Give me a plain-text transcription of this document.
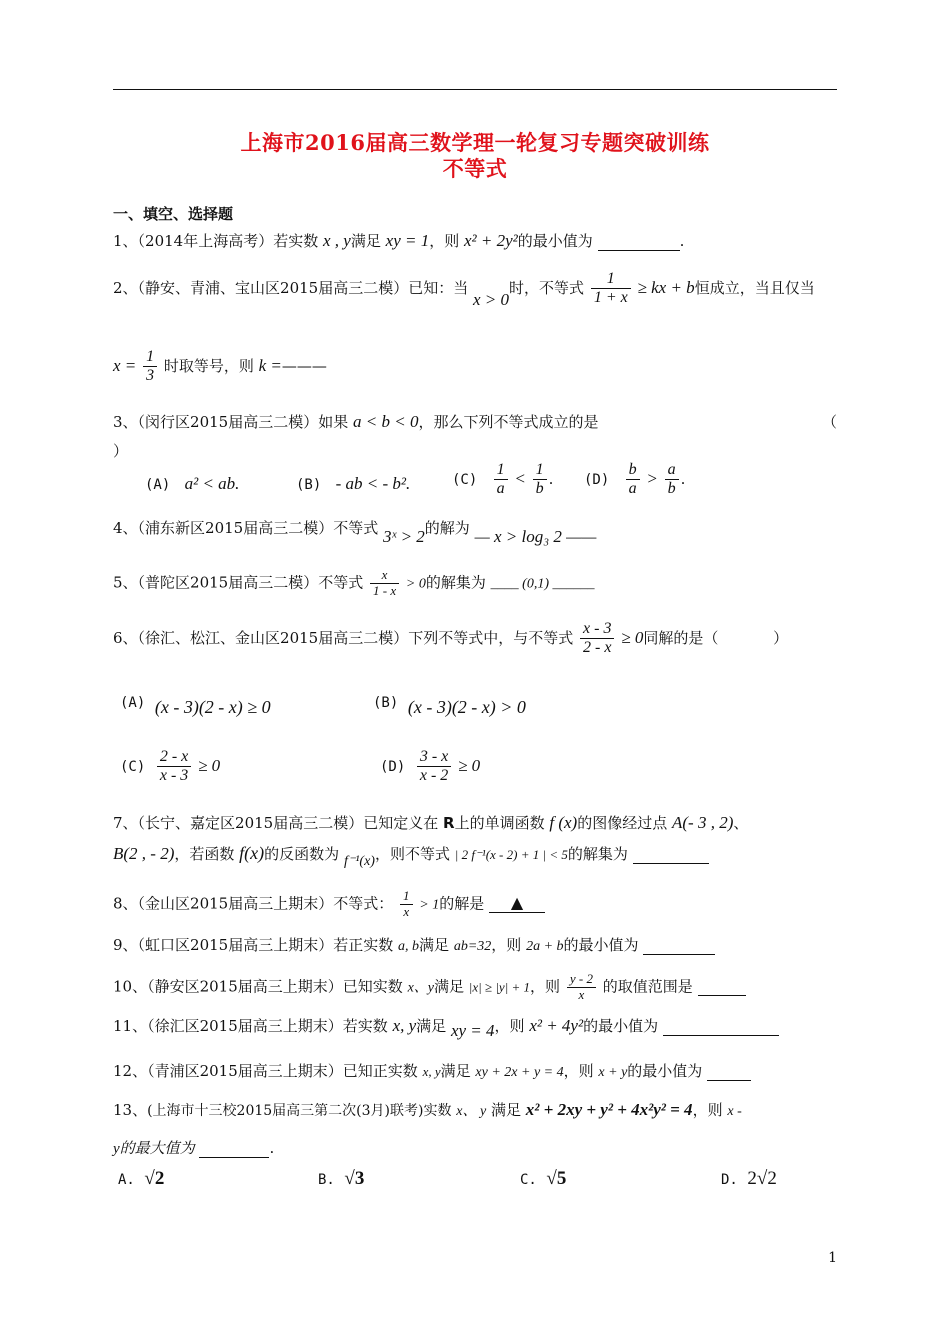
上海市2016届高三数学理一轮复习专题突破训练
不等式
一、填空、选择题
1、（2014年上海高考）若实数 x , y满足 xy = 1，则 x² + 2y²的最小值为	.
2、（静安、青浦、宝山区2015届高三二模）已知：当 x > 0时，不等式 $\frac{1}{1 + x}$ ≥ kx + b恒成立，当且仅当
$x = \frac{1}{3}$ 时取等号，则 k =———
3、（闵行区2015届高三二模）如果 a < b < 0，那么下列不等式成立的是	（
）
(A) a² < ab.	(B) - ab < - b².	$(C) \frac{1}{a} < \frac{1}{b}$ . $(D) \frac{b}{a} > \frac{a}{b}$ .
4、（浦东新区2015届高三二模）不等式 3ˣ > 2的解为 — x > log₃ 2 ——
5、（普陀区2015届高三二模）不等式 $\frac{x}{1 - x} > 0$的解集为 ____ (0,1) ______
6、（徐汇、松江、金山区2015届高三二模）下列不等式中，与不等式 $\frac{x - 3}{2 - x} \ge 0$同解的是（	）
(A) (x - 3)(2 - x) ≥ 0	(B) (x - 3)(2 - x) > 0
$(C) \frac{2 - x}{x - 3} \ge 0$	$(D) \frac{3 - x}{x - 2} \ge 0$
7、（长宁、嘉定区2015届高三二模）已知定义在 R上的单调函数 f (x)的图像经过点 A(- 3 , 2)、
B(2 , - 2)，若函数 f(x)的反函数为 f⁻¹(x)，则不等式 | 2 f⁻¹(x - 2) + 1 | < 5的解集为
8、（金山区2015届高三上期末）不等式： $\frac{1}{x} > 1$的解是 ▲
9、（虹口区2015届高三上期末）若正实数 a, b满足 ab=32，则 2a + b的最小值为
10、（静安区2015届高三上期末）已知实数 x、y满足 |x| ≥ |y| + 1，则 $\frac{y - 2}{x}$ 的取值范围是
11、（徐汇区2015届高三上期末）若实数 x, y满足 xy = 4，则 x² + 4y²的最小值为
12、（青浦区2015届高三上期末）已知正实数 x, y满足 xy + 2x + y = 4，则 x + y的最小值为
13、(上海市十三校2015届高三第二次(3月)联考)实数 x、 y 满足 x² + 2xy + y² + 4x²y² = 4，则 x -
y的最大值为	.
A. √2	B. √3	C. √5	D. 2√2
1
